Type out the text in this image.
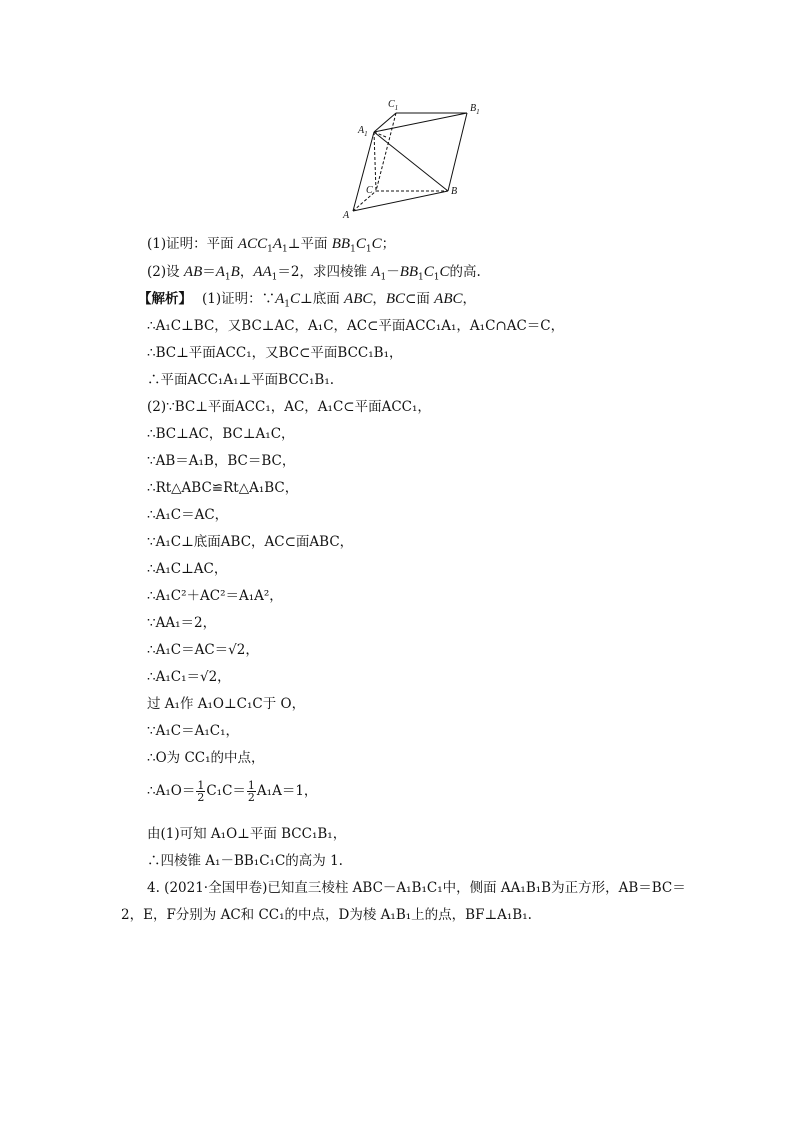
$C_1$	$B_1$
$A_1$
C	B
A
(1)证明：平面 $ACC_1A_1\perp$平面 $BB_1C_1C$；
(2)设 $AB=A_1B$，$AA_1=2$，求四棱锥 $A_1-BB_1C_1C$的高.
【解析】 (1)证明：$\because A_1C\perp$底面 ABC，BC⊂面 ABC，
∴A₁C⊥BC，又BC⊥AC，A₁C，AC⊂平面ACC₁A₁，A₁C∩AC＝C，
∴BC⊥平面ACC₁，又BC⊂平面BCC₁B₁，
∴平面ACC₁A₁⊥平面BCC₁B₁.
(2)∵BC⊥平面ACC₁，AC，A₁C⊂平面ACC₁，
∴BC⊥AC，BC⊥A₁C，
∵AB＝A₁B，BC＝BC，
∴Rt△ABC≌Rt△A₁BC，
∴A₁C＝AC，
∵A₁C⊥底面ABC，AC⊂面ABC，
∴A₁C⊥AC，
∴A₁C²＋AC²＝A₁A²，
∵AA₁＝2，
∴A₁C＝AC＝√2，
∴A₁C₁＝√2，
过 A₁作 A₁O⊥C₁C于 O，
∵A₁C＝A₁C₁，
∴O为 CC₁的中点，
∴A₁O＝ $\frac{1}{2} C_1C= \frac{1}{2} A_1A=1$，
由(1)可知 A₁O⊥平面 BCC₁B₁，
∴四棱锥 A₁－BB₁C₁C的高为 1.
4. (2021·全国甲卷)已知直三棱柱 ABC－A₁B₁C₁中，侧面 AA₁B₁B为正方形，AB＝BC＝
2，E，F分别为 AC和 CC₁的中点，D为棱 A₁B₁上的点，BF⊥A₁B₁.
